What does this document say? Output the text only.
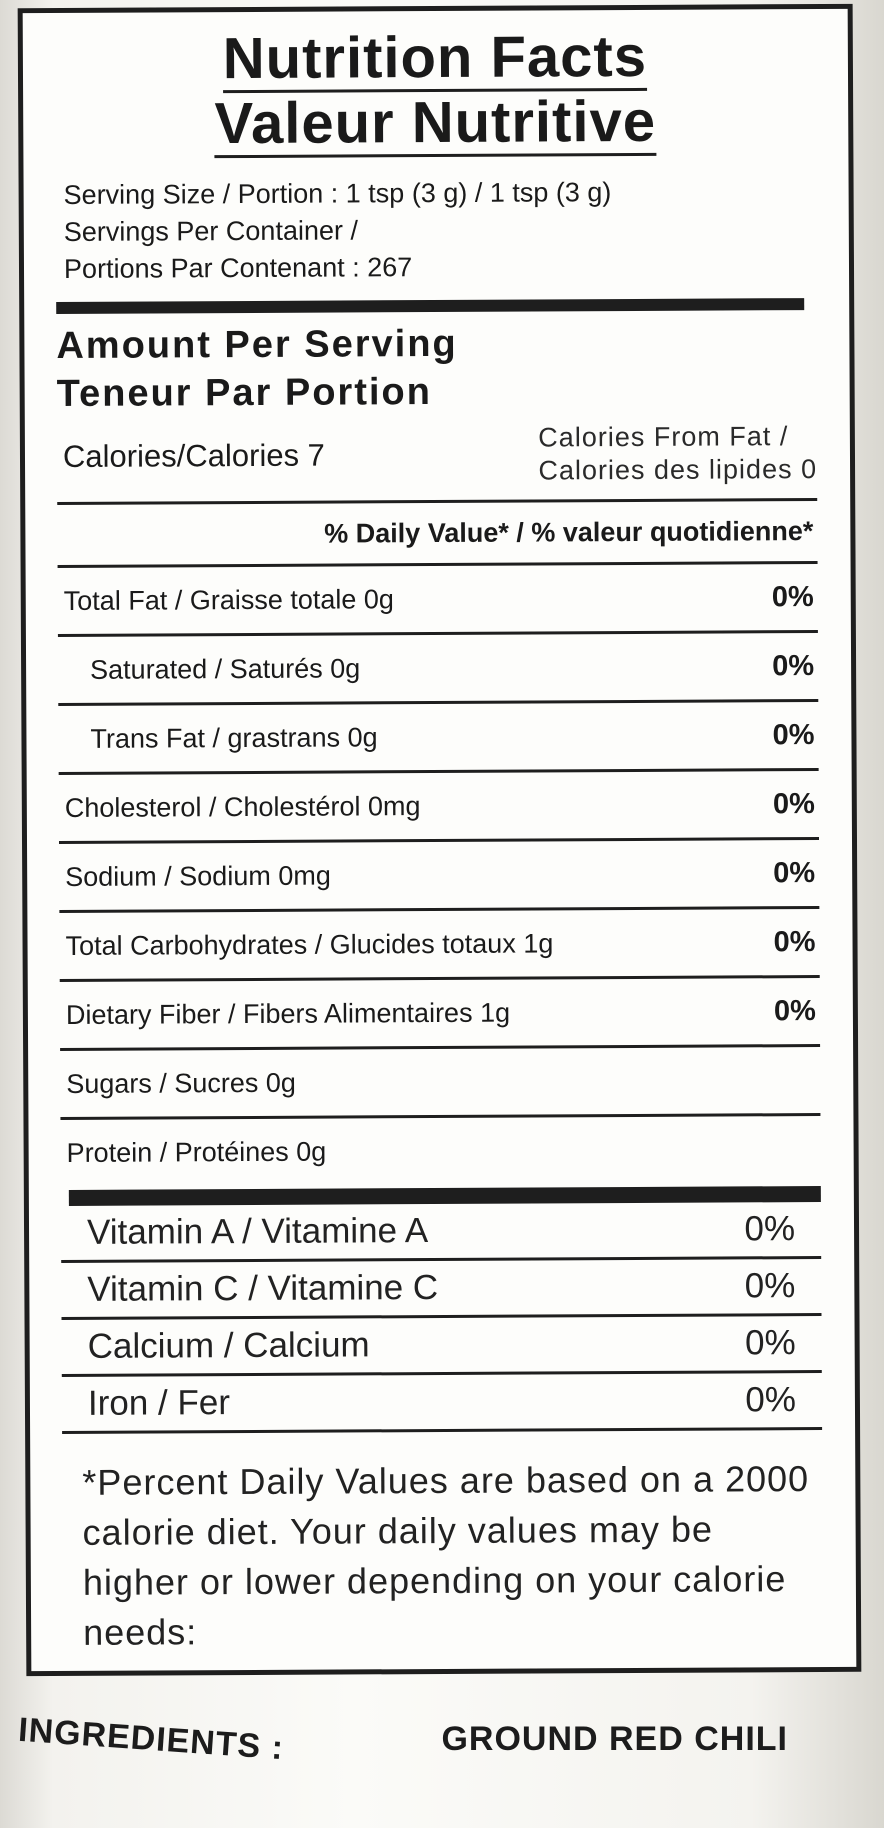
Nutrition Facts
Valeur Nutritive
Serving Size / Portion : 1 tsp (3 g) / 1 tsp (3 g)
Servings Per Container /
Portions Par Contenant : 267
Amount Per Serving
Teneur Par Portion
Calories/Calories 7
Calories From Fat /
Calories des lipides 0
% Daily Value* / % valeur quotidienne*
Total Fat / Graisse totale 0g	0%
Saturated / Saturés 0g	0%
Trans Fat / grastrans 0g	0%
Cholesterol / Cholestérol 0mg	0%
Sodium / Sodium 0mg	0%
Total Carbohydrates / Glucides totaux 1g	0%
Dietary Fiber / Fibers Alimentaires 1g	0%
Sugars / Sucres 0g
Protein / Protéines 0g
Vitamin A / Vitamine A	0%
Vitamin C / Vitamine C	0%
Calcium / Calcium	0%
Iron / Fer	0%
*Percent Daily Values are based on a 2000 calorie diet. Your daily values may be higher or lower depending on your calorie needs:
INGREDIENTS :	GROUND RED CHILI
